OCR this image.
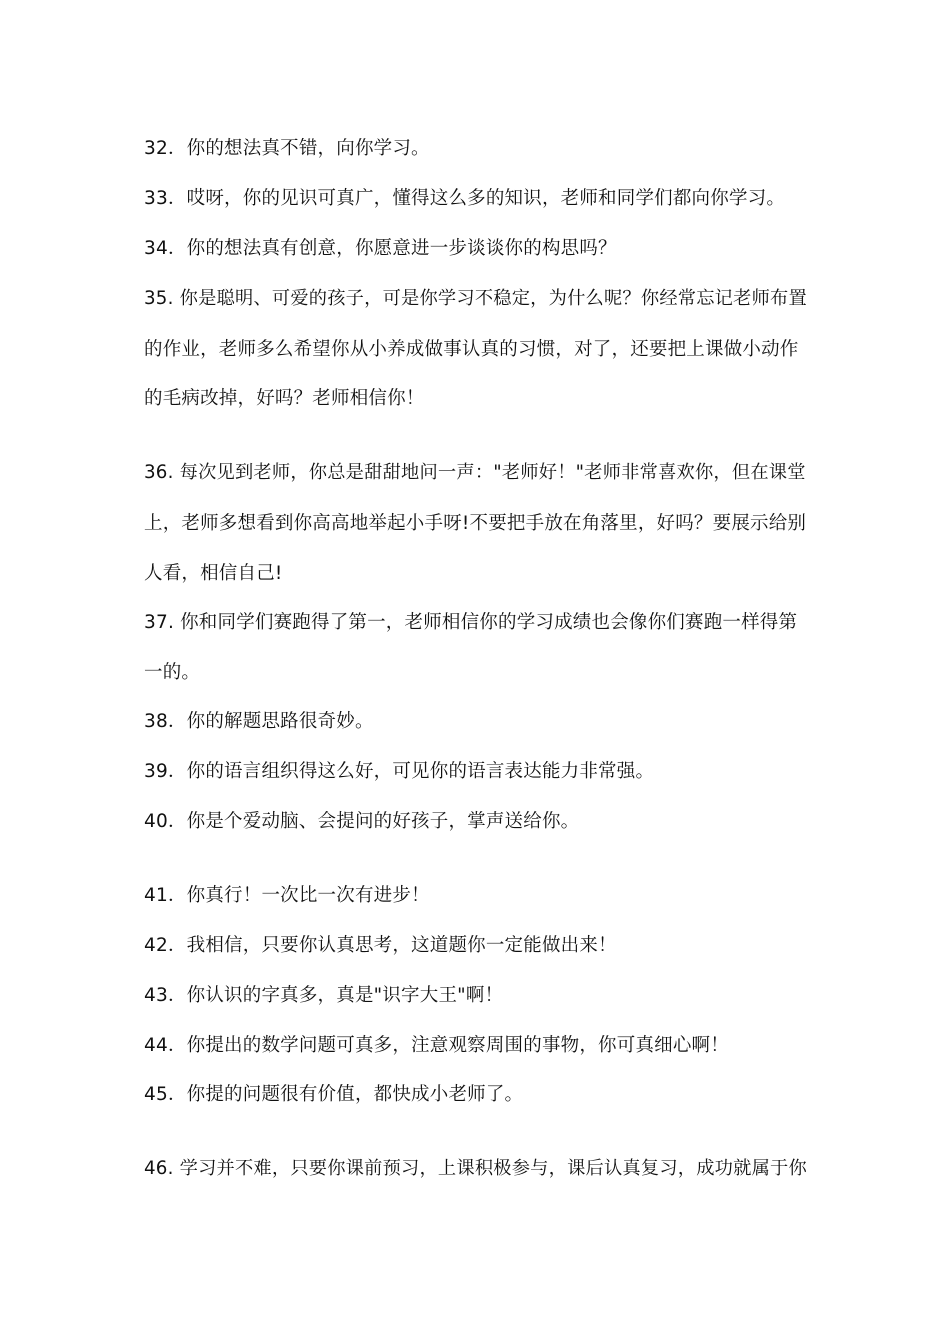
32．你的想法真不错，向你学习。
33．哎呀，你的见识可真广，懂得这么多的知识，老师和同学们都向你学习。
34．你的想法真有创意，你愿意进一步谈谈你的构思吗？
35. 你是聪明、可爱的孩子，可是你学习不稳定，为什么呢？你经常忘记老师布置
的作业，老师多么希望你从小养成做事认真的习惯，对了，还要把上课做小动作
的毛病改掉，好吗？老师相信你！
36. 每次见到老师，你总是甜甜地问一声："老师好！"老师非常喜欢你，但在课堂
上，老师多想看到你高高地举起小手呀!不要把手放在角落里，好吗？要展示给别
人看，相信自己!
37. 你和同学们赛跑得了第一，老师相信你的学习成绩也会像你们赛跑一样得第
一的。
38．你的解题思路很奇妙。
39．你的语言组织得这么好，可见你的语言表达能力非常强。
40．你是个爱动脑、会提问的好孩子，掌声送给你。
41．你真行！一次比一次有进步！
42．我相信，只要你认真思考，这道题你一定能做出来！
43．你认识的字真多，真是"识字大王"啊！
44．你提出的数学问题可真多，注意观察周围的事物，你可真细心啊！
45．你提的问题很有价值，都快成小老师了。
46. 学习并不难，只要你课前预习，上课积极参与，课后认真复习，成功就属于你
